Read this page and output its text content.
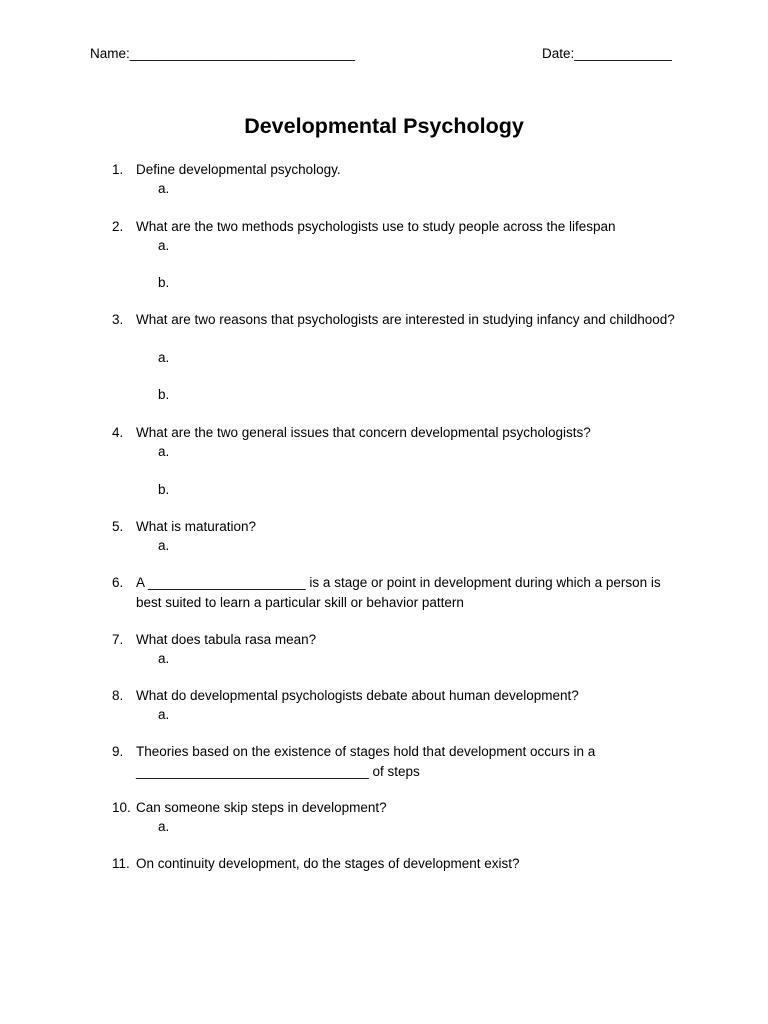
Name:______________________________	Date:_____________
Developmental Psychology
1. Define developmental psychology.
a.
2. What are the two methods psychologists use to study people across the lifespan
a.
b.
3. What are two reasons that psychologists are interested in studying infancy and childhood?
a.
b.
4. What are the two general issues that concern developmental psychologists?
a.
b.
5. What is maturation?
a.
6. A _____________________ is a stage or point in development during which a person is best suited to learn a particular skill or behavior pattern
7. What does tabula rasa mean?
a.
8. What do developmental psychologists debate about human development?
a.
9. Theories based on the existence of stages hold that development occurs in a _______________________________ of steps
10. Can someone skip steps in development?
a.
11. On continuity development, do the stages of development exist?
